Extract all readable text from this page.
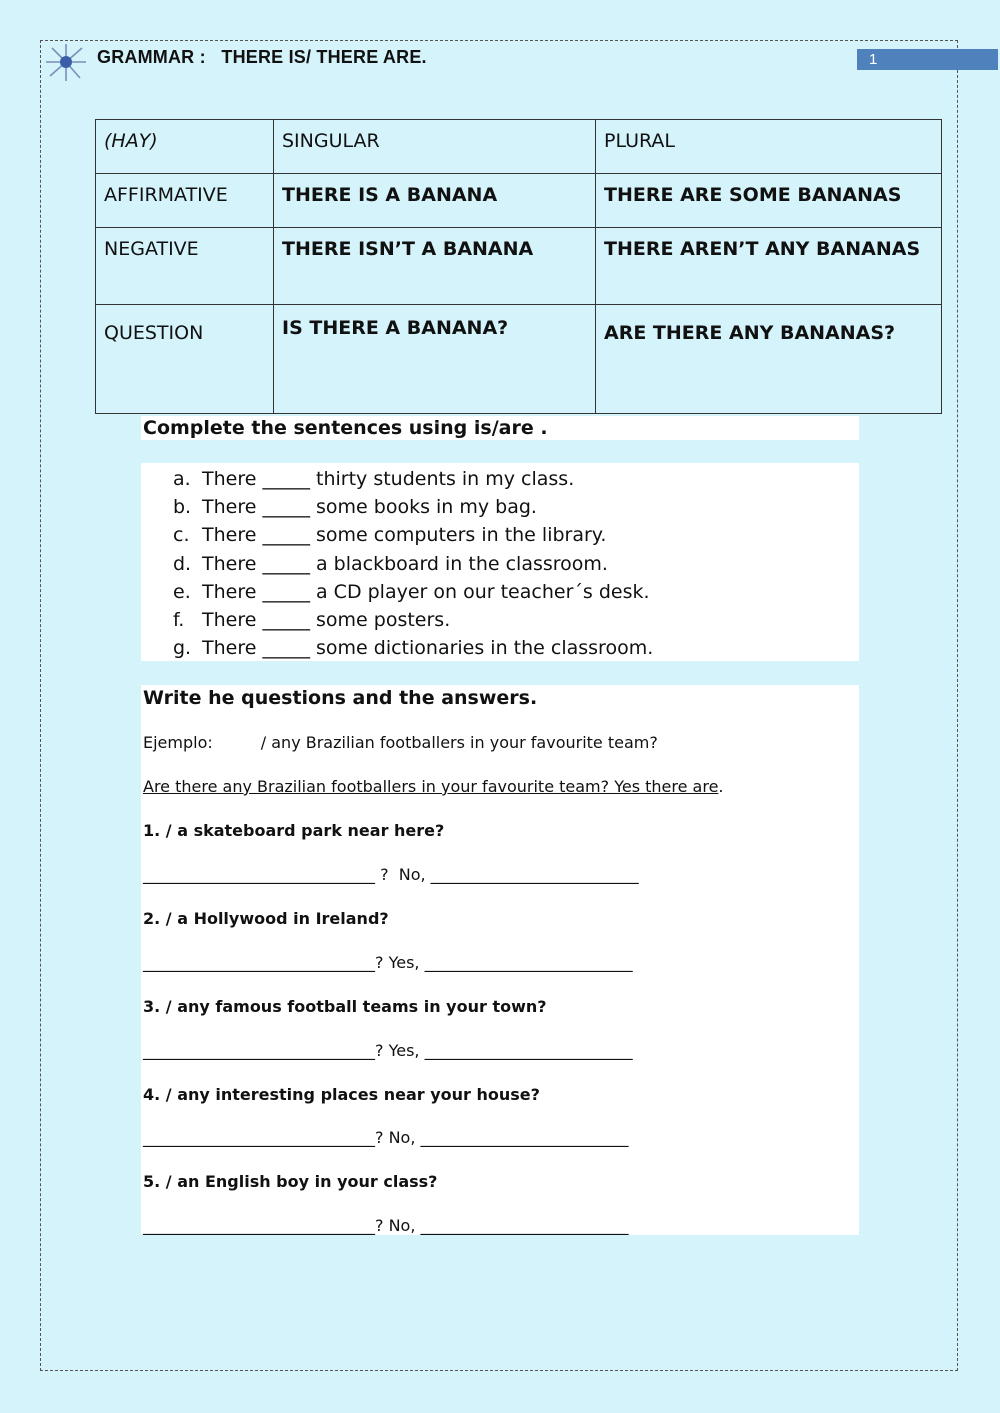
GRAMMAR :   THERE IS/ THERE ARE.	1
(HAY)	SINGULAR	PLURAL
AFFIRMATIVE	THERE IS A BANANA	THERE ARE SOME BANANAS
NEGATIVE	THERE ISN’T A BANANA	THERE AREN’T ANY BANANAS
QUESTION	IS THERE A BANANA?	ARE THERE ANY BANANAS?
Complete the sentences using is/are .
a. There _____ thirty students in my class.
b. There _____ some books in my bag.
c. There _____ some computers in the library.
d. There _____ a blackboard in the classroom.
e. There _____ a CD player on our teacher´s desk.
f. There _____ some posters.
g. There _____ some dictionaries in the classroom.
Write he questions and the answers.
Ejemplo:	/ any Brazilian footballers in your favourite team?
Are there any Brazilian footballers in your favourite team? Yes there are.
1. / a skateboard park near here?
_____________________________ ?  No, __________________________
2. / a Hollywood in Ireland?
_____________________________? Yes, __________________________
3. / any famous football teams in your town?
_____________________________? Yes, __________________________
4. / any interesting places near your house?
_____________________________? No, __________________________
5. / an English boy in your class?
_____________________________? No, __________________________
